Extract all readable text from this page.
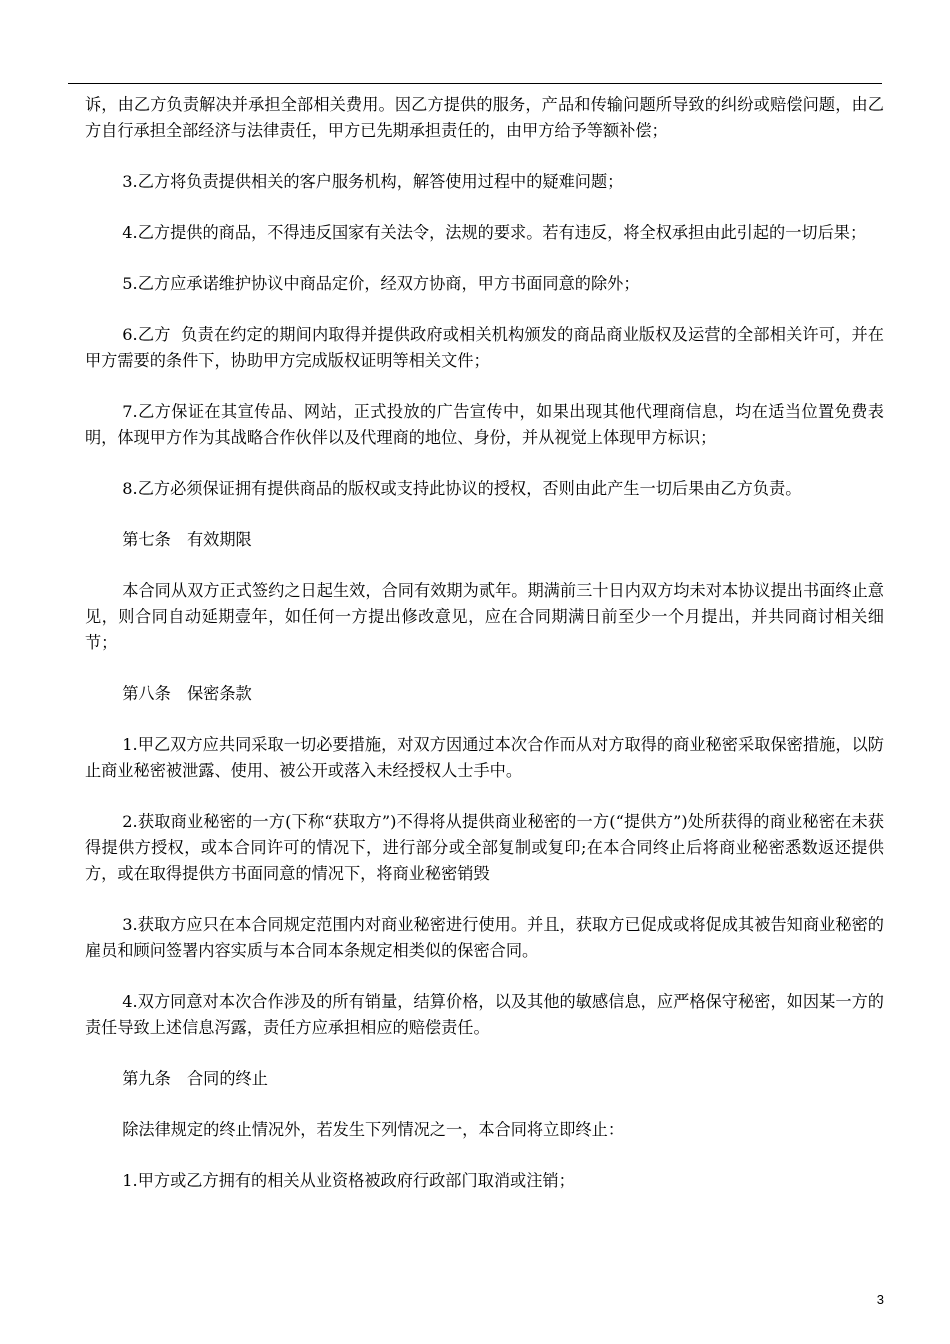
诉，由乙方负责解决并承担全部相关费用。因乙方提供的服务，产品和传输问题所导致的纠纷或赔偿问题，由乙方自行承担全部经济与法律责任，甲方已先期承担责任的，由甲方给予等额补偿；

3.乙方将负责提供相关的客户服务机构，解答使用过程中的疑难问题；

4.乙方提供的商品，不得违反国家有关法令，法规的要求。若有违反，将全权承担由此引起的一切后果；

5.乙方应承诺维护协议中商品定价，经双方协商，甲方书面同意的除外；

6.乙方  负责在约定的期间内取得并提供政府或相关机构颁发的商品商业版权及运营的全部相关许可，并在甲方需要的条件下，协助甲方完成版权证明等相关文件；

7.乙方保证在其宣传品、网站，正式投放的广告宣传中，如果出现其他代理商信息，均在适当位置免费表明，体现甲方作为其战略合作伙伴以及代理商的地位、身份，并从视觉上体现甲方标识；

8.乙方必须保证拥有提供商品的版权或支持此协议的授权，否则由此产生一切后果由乙方负责。

第七条　有效期限

本合同从双方正式签约之日起生效，合同有效期为贰年。期满前三十日内双方均未对本协议提出书面终止意见，则合同自动延期壹年，如任何一方提出修改意见，应在合同期满日前至少一个月提出，并共同商讨相关细节；

第八条　保密条款

1.甲乙双方应共同采取一切必要措施，对双方因通过本次合作而从对方取得的商业秘密采取保密措施，以防止商业秘密被泄露、使用、被公开或落入未经授权人士手中。

2.获取商业秘密的一方(下称“获取方”)不得将从提供商业秘密的一方(“提供方”)处所获得的商业秘密在未获得提供方授权，或本合同许可的情况下，进行部分或全部复制或复印;在本合同终止后将商业秘密悉数返还提供方，或在取得提供方书面同意的情况下，将商业秘密销毁

3.获取方应只在本合同规定范围内对商业秘密进行使用。并且，获取方已促成或将促成其被告知商业秘密的雇员和顾问签署内容实质与本合同本条规定相类似的保密合同。

4.双方同意对本次合作涉及的所有销量，结算价格，以及其他的敏感信息，应严格保守秘密，如因某一方的责任导致上述信息泻露，责任方应承担相应的赔偿责任。

第九条　合同的终止

除法律规定的终止情况外，若发生下列情况之一，本合同将立即终止：

1.甲方或乙方拥有的相关从业资格被政府行政部门取消或注销；

3
